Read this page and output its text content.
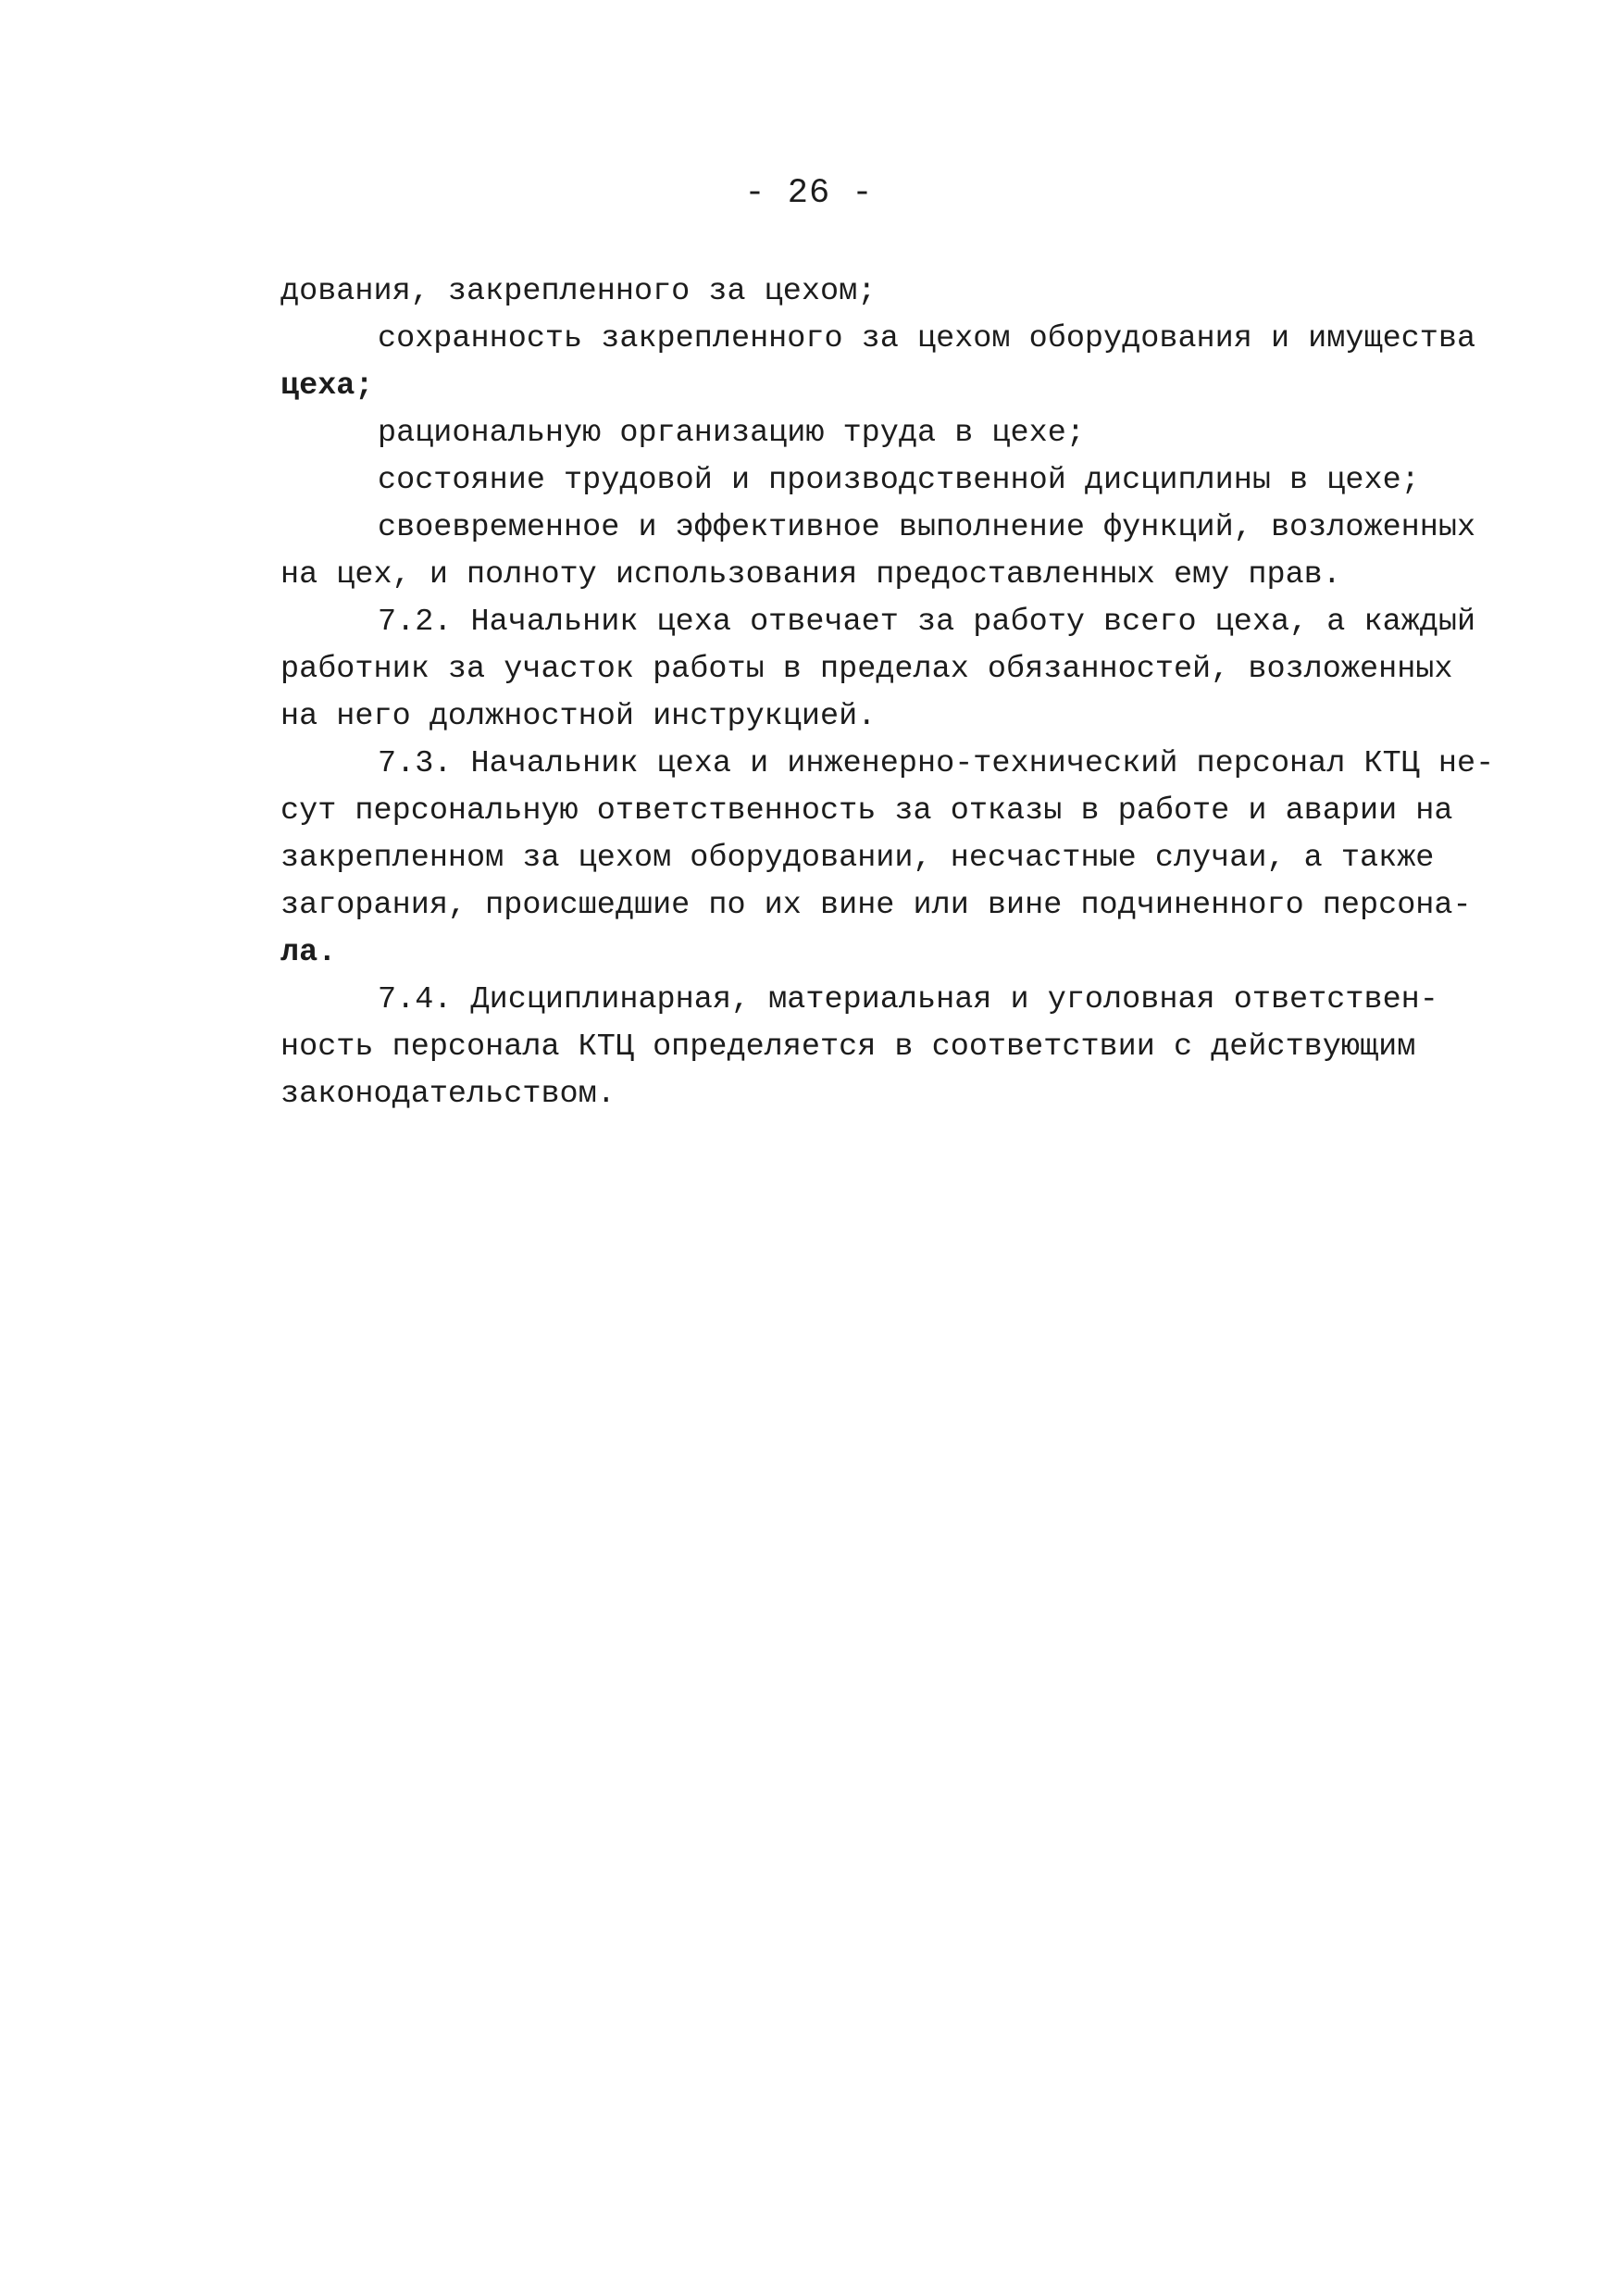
- 26 -
дования, закрепленного за цехом;
сохранность закрепленного за цехом оборудования и имущества
цеха;
рациональную организацию труда в цехе;
состояние трудовой и производственной дисциплины в цехе;
своевременное и эффективное выполнение функций, возложенных
на цех, и полноту использования предоставленных ему прав.
7.2. Начальник цеха отвечает за работу всего цеха, а каждый
работник за участок работы в пределах обязанностей, возложенных
на него должностной инструкцией.
7.3. Начальник цеха и инженерно-технический персонал КТЦ не-
сут персональную ответственность за отказы в работе и аварии на
закрепленном за цехом оборудовании, несчастные случаи, а также
загорания, происшедшие по их вине или вине подчиненного персона-
ла.
7.4. Дисциплинарная, материальная и уголовная ответствен-
ность персонала КТЦ определяется в соответствии с действующим
законодательством.
